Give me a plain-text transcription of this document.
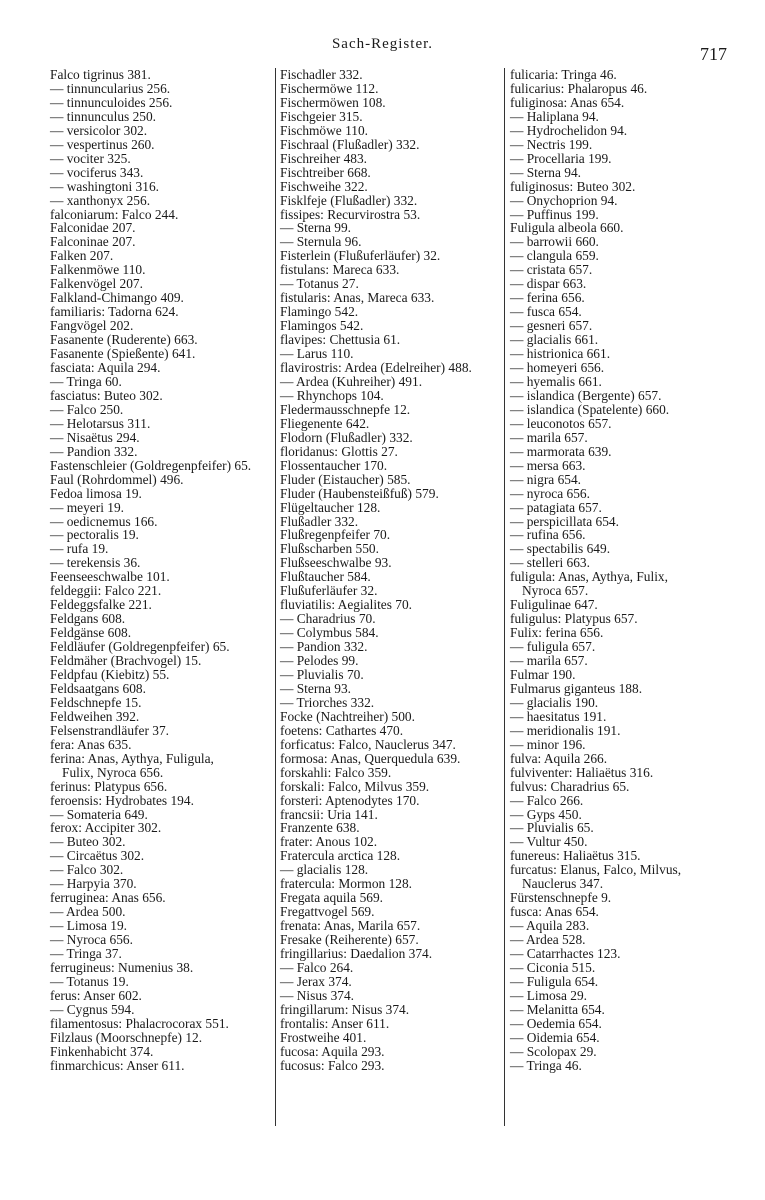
Sach-Register.	717
Falco tigrinus 381.
— tinnuncularius 256.
— tinnunculoides 256.
— tinnunculus 250.
— versicolor 302.
— vespertinus 260.
— vociter 325.
— vociferus 343.
— washingtoni 316.
— xanthonyx 256.
falconiarum: Falco 244.
Falconidae 207.
Falconinae 207.
Falken 207.
Falkenmöwe 110.
Falkenvögel 207.
Falkland-Chimango 409.
familiaris: Tadorna 624.
Fangvögel 202.
Fasanente (Ruderente) 663.
Fasanente (Spießente) 641.
fasciata: Aquila 294.
— Tringa 60.
fasciatus: Buteo 302.
— Falco 250.
— Helotarsus 311.
— Nisaëtus 294.
— Pandion 332.
Fastenschleier (Goldregenpfeifer) 65.
Faul (Rohrdommel) 496.
Fedoa limosa 19.
— meyeri 19.
— oedicnemus 166.
— pectoralis 19.
— rufa 19.
— terekensis 36.
Feenseeschwalbe 101.
feldeggii: Falco 221.
Feldeggsfalke 221.
Feldgans 608.
Feldgänse 608.
Feldläufer (Goldregenpfeifer) 65.
Feldmäher (Brachvogel) 15.
Feldpfau (Kiebitz) 55.
Feldsaatgans 608.
Feldschnepfe 15.
Feldweihen 392.
Felsenstrandläufer 37.
fera: Anas 635.
ferina: Anas, Aythya, Fuligula,
Fulix, Nyroca 656.
ferinus: Platypus 656.
feroensis: Hydrobates 194.
— Somateria 649.
ferox: Accipiter 302.
— Buteo 302.
— Circaëtus 302.
— Falco 302.
— Harpyia 370.
ferruginea: Anas 656.
— Ardea 500.
— Limosa 19.
— Nyroca 656.
— Tringa 37.
ferrugineus: Numenius 38.
— Totanus 19.
ferus: Anser 602.
— Cygnus 594.
filamentosus: Phalacrocorax 551.
Filzlaus (Moorschnepfe) 12.
Finkenhabicht 374.
finmarchicus: Anser 611.
Fischadler 332.
Fischermöwe 112.
Fischermöwen 108.
Fischgeier 315.
Fischmöwe 110.
Fischraal (Flußadler) 332.
Fischreiher 483.
Fischtreiber 668.
Fischweihe 322.
Fisklfeje (Flußadler) 332.
fissipes: Recurvirostra 53.
— Sterna 99.
— Sternula 96.
Fisterlein (Flußuferläufer) 32.
fistulans: Mareca 633.
— Totanus 27.
fistularis: Anas, Mareca 633.
Flamingo 542.
Flamingos 542.
flavipes: Chettusia 61.
— Larus 110.
flavirostris: Ardea (Edelreiher) 488.
— Ardea (Kuhreiher) 491.
— Rhynchops 104.
Fledermausschnepfe 12.
Fliegenente 642.
Flodorn (Flußadler) 332.
floridanus: Glottis 27.
Flossentaucher 170.
Fluder (Eistaucher) 585.
Fluder (Haubensteißfuß) 579.
Flügeltaucher 128.
Flußadler 332.
Flußregenpfeifer 70.
Flußscharben 550.
Flußseeschwalbe 93.
Flußtaucher 584.
Flußuferläufer 32.
fluviatilis: Aegialites 70.
— Charadrius 70.
— Colymbus 584.
— Pandion 332.
— Pelodes 99.
— Pluvialis 70.
— Sterna 93.
— Triorches 332.
Focke (Nachtreiher) 500.
foetens: Cathartes 470.
forficatus: Falco, Nauclerus 347.
formosa: Anas, Querquedula 639.
forskahli: Falco 359.
forskali: Falco, Milvus 359.
forsteri: Aptenodytes 170.
francsii: Uria 141.
Franzente 638.
frater: Anous 102.
Fratercula arctica 128.
— glacialis 128.
fratercula: Mormon 128.
Fregata aquila 569.
Fregattvogel 569.
frenata: Anas, Marila 657.
Fresake (Reiherente) 657.
fringillarius: Daedalion 374.
— Falco 264.
— Jerax 374.
— Nisus 374.
fringillarum: Nisus 374.
frontalis: Anser 611.
Frostweihe 401.
fucosa: Aquila 293.
fucosus: Falco 293.
fulicaria: Tringa 46.
fulicarius: Phalaropus 46.
fuliginosa: Anas 654.
— Haliplana 94.
— Hydrochelidon 94.
— Nectris 199.
— Procellaria 199.
— Sterna 94.
fuliginosus: Buteo 302.
— Onychoprion 94.
— Puffinus 199.
Fuligula albeola 660.
— barrowii 660.
— clangula 659.
— cristata 657.
— dispar 663.
— ferina 656.
— fusca 654.
— gesneri 657.
— glacialis 661.
— histrionica 661.
— homeyeri 656.
— hyemalis 661.
— islandica (Bergente) 657.
— islandica (Spatelente) 660.
— leuconotos 657.
— marila 657.
— marmorata 639.
— mersa 663.
— nigra 654.
— nyroca 656.
— patagiata 657.
— perspicillata 654.
— rufina 656.
— spectabilis 649.
— stelleri 663.
fuligula: Anas, Aythya, Fulix,
Nyroca 657.
Fuligulinae 647.
fuligulus: Platypus 657.
Fulix: ferina 656.
— fuligula 657.
— marila 657.
Fulmar 190.
Fulmarus giganteus 188.
— glacialis 190.
— haesitatus 191.
— meridionalis 191.
— minor 196.
fulva: Aquila 266.
fulviventer: Haliaëtus 316.
fulvus: Charadrius 65.
— Falco 266.
— Gyps 450.
— Pluvialis 65.
— Vultur 450.
funereus: Haliaëtus 315.
furcatus: Elanus, Falco, Milvus,
Nauclerus 347.
Fürstenschnepfe 9.
fusca: Anas 654.
— Aquila 283.
— Ardea 528.
— Catarrhactes 123.
— Ciconia 515.
— Fuligula 654.
— Limosa 29.
— Melanitta 654.
— Oedemia 654.
— Oidemia 654.
— Scolopax 29.
— Tringa 46.
